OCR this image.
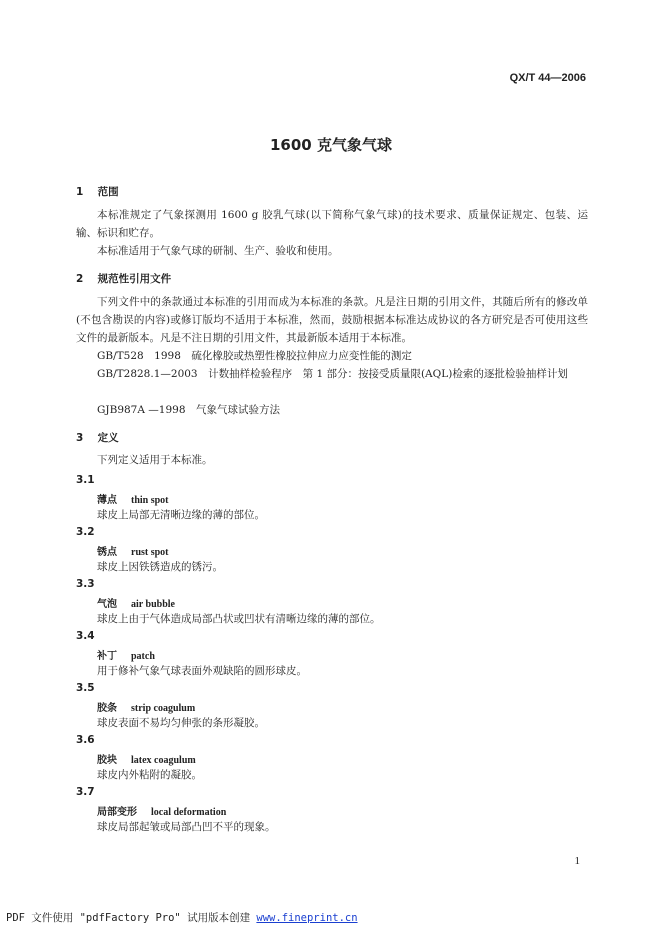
QX/T 44—2006
1600 克气象气球
1 范围
本标准规定了气象探测用 1600 g 胶乳气球(以下简称气象气球)的技术要求、质量保证规定、包装、运输、标识和贮存。
本标准适用于气象气球的研制、生产、验收和使用。
2 规范性引用文件
下列文件中的条款通过本标准的引用而成为本标准的条款。凡是注日期的引用文件，其随后所有的修改单(不包含勘误的内容)或修订版均不适用于本标准，然而，鼓励根据本标准达成协议的各方研究是否可使用这些文件的最新版本。凡是不注日期的引用文件，其最新版本适用于本标准。
GB/T528　1998　硫化橡胶或热塑性橡胶拉伸应力应变性能的测定
GB/T2828.1—2003　计数抽样检验程序　第 1 部分：按接受质量限(AQL)检索的逐批检验抽样计划
GJB987A —1998　气象气球试验方法
3 定义
下列定义适用于本标准。
3.1
薄点 thin spot
球皮上局部无清晰边缘的薄的部位。
3.2
锈点 rust spot
球皮上因铁锈造成的锈污。
3.3
气泡 air bubble
球皮上由于气体造成局部凸状或凹状有清晰边缘的薄的部位。
3.4
补丁 patch
用于修补气象气球表面外观缺陷的圆形球皮。
3.5
胶条 strip coagulum
球皮表面不易均匀伸张的条形凝胶。
3.6
胶块 latex coagulum
球皮内外粘附的凝胶。
3.7
局部变形 local deformation
球皮局部起皱或局部凸凹不平的现象。
1
PDF 文件使用 "pdfFactory Pro" 试用版本创建 www.fineprint.cn
